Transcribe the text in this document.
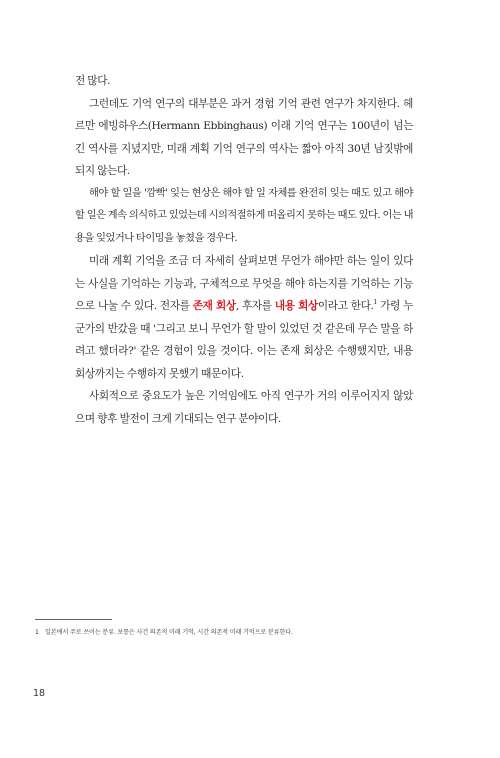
전 많다.

그런데도 기억 연구의 대부분은 과거 경험 기억 관련 연구가 차지한다. 헤르만 에빙하우스(Hermann Ebbinghaus) 이래 기억 연구는 100년이 넘는 긴 역사를 지녔지만, 미래 계획 기억 연구의 역사는 짧아 아직 30년 남짓밖에 되지 않는다.

해야 할 일을 '깜빡' 잊는 현상은 해야 할 일 자체를 완전히 잊는 때도 있고 해야 할 일은 계속 의식하고 있었는데 시의적절하게 떠올리지 못하는 때도 있다. 이는 내용을 잊었거나 타이밍을 놓쳤을 경우다.

미래 계획 기억을 조금 더 자세히 살펴보면 무언가 해야만 하는 일이 있다는 사실을 기억하는 기능과, 구체적으로 무엇을 해야 하는지를 기억하는 기능으로 나눌 수 있다. 전자를 존재 회상, 후자를 내용 회상이라고 한다.$^1$ 가령 누군가의 반갔을 때 '그리고 보니 무언가 할 말이 있었던 것 같은데 무슨 말을 하려고 했더라?' 같은 경험이 있을 것이다. 이는 존재 회상은 수행했지만, 내용 회상까지는 수행하지 못했기 때문이다.

사회적으로 중요도가 높은 기억임에도 아직 연구가 거의 이루어지지 않았으며 향후 발전이 크게 기대되는 연구 분야이다.

1 일본에서 주로 쓰이는 분류. 보통은 사건 의존적 미래 기억, 시간 의존적 미래 기억으로 분류한다.
18
